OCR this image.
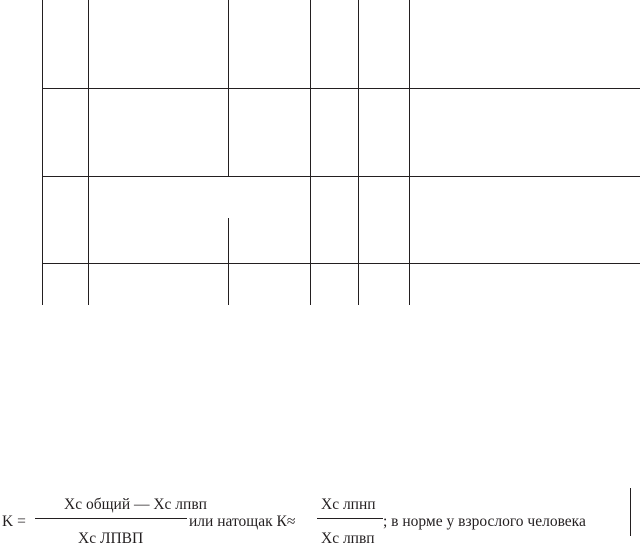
K =
Хс общий — Хс лпвп
Хс ЛПВП
или натощак К≈
Хс лпнп
Хс лпвп
; в норме у взрослого человека
